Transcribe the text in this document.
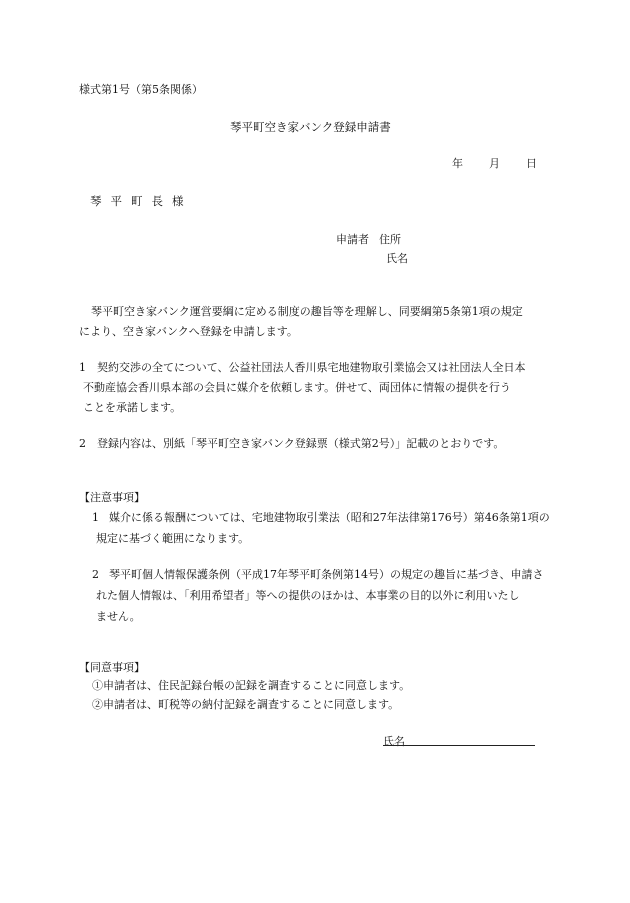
様式第1号（第5条関係）
琴平町空き家バンク登録申請書
年 月 日
琴平町長様
申請者 住所
氏名
琴平町空き家バンク運営要綱に定める制度の趣旨等を理解し、同要綱第5条第1項の規定
により、空き家バンクへ登録を申請します。
1 契約交渉の全てについて、公益社団法人香川県宅地建物取引業協会又は社団法人全日本
不動産協会香川県本部の会員に媒介を依頼します。併せて、両団体に情報の提供を行う
ことを承諾します。
2 登録内容は、別紙「琴平町空き家バンク登録票（様式第2号）」記載のとおりです。
【注意事項】
1 媒介に係る報酬については、宅地建物取引業法（昭和27年法律第176号）第46条第1項の
規定に基づく範囲になります。
2 琴平町個人情報保護条例（平成17年琴平町条例第14号）の規定の趣旨に基づき、申請さ
れた個人情報は、「利用希望者」等への提供のほかは、本事業の目的以外に利用いたし
ません。
【同意事項】
①申請者は、住民記録台帳の記録を調査することに同意します。
②申請者は、町税等の納付記録を調査することに同意します。
氏名
